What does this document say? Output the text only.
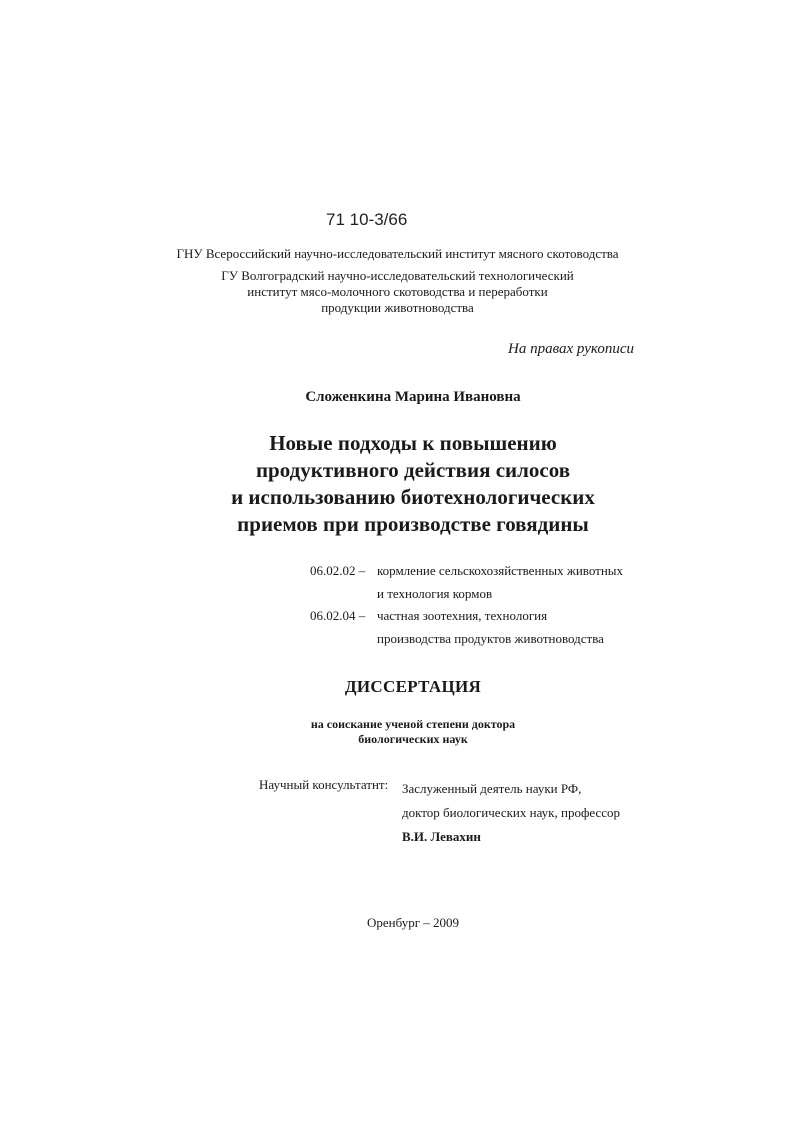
71 10-3/66
ГНУ Всероссийский научно-исследовательский институт мясного скотоводства
ГУ Волгоградский научно-исследовательский технологический
институт мясо-молочного скотоводства и переработки
продукции животноводства
На правах рукописи
Сложенкина Марина Ивановна
Новые подходы к повышению
продуктивного действия силосов
и использованию биотехнологических
приемов при производстве говядины
06.02.02 – кормление сельскохозяйственных животных
и технология кормов
06.02.04 – частная зоотехния, технология
производства продуктов животноводства
ДИССЕРТАЦИЯ
на соискание ученой степени доктора
биологических наук
Научный консультатнт: Заслуженный деятель науки РФ,
доктор биологических наук, профессор
В.И. Левахин
Оренбург – 2009
